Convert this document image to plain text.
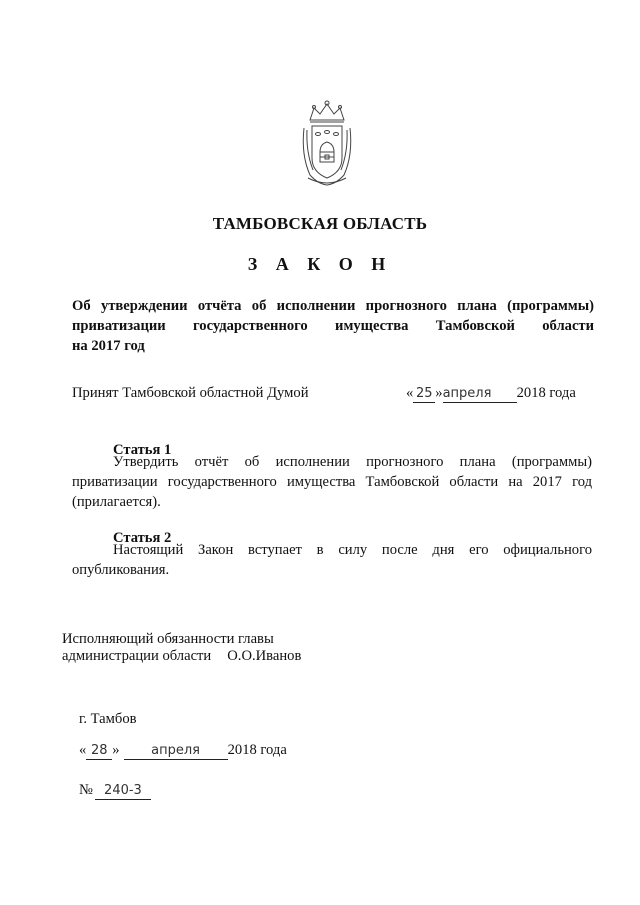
ТАМБОВСКАЯ ОБЛАСТЬ
З А К О Н
Об утверждении отчёта об исполнении прогнозного плана (программы)
приватизации государственного имущества Тамбовской области
на 2017 год
Принят Тамбовской областной Думой	« 25 »апреля 2018 года
Статья 1
Утвердить отчёт об исполнении прогнозного плана (программы) приватизации государственного имущества Тамбовской области на 2017 год (прилагается).
Статья 2
Настоящий Закон вступает в силу после дня его официального опубликования.
Исполняющий обязанности главы
администрации области О.О.Иванов
г. Тамбов
« 28 » апреля 2018 года
№ 240-3
